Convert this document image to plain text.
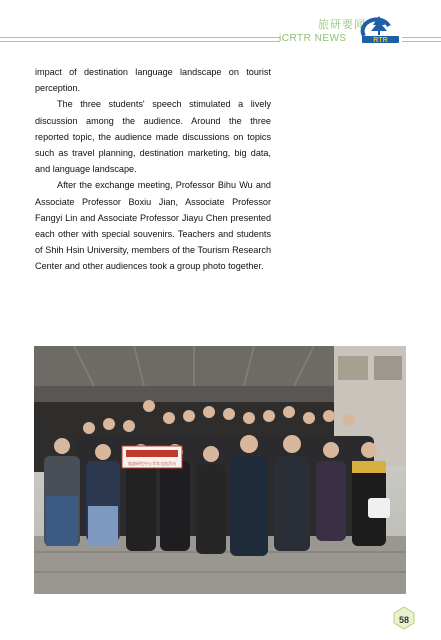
旅研要闻
iCRTR NEWS	RTR

impact of destination language landscape on tourist perception.

The three students' speech stimulated a lively discussion among the audience. Around the three reported topic, the audience made discussions on topics such as travel planning, destination marketing, big data, and language landscape.

After the exchange meeting, Professor Bihu Wu and Associate Professor Boxiu Jian, Associate Professor Fangyi Lin and Associate Professor Jiayu Chen presented each other with special souvenirs. Teachers and students of Shih Hsin University, members of the Tourism Research Center and other audiences took a group photo together.

旅游研究中心学术交流活动
58
